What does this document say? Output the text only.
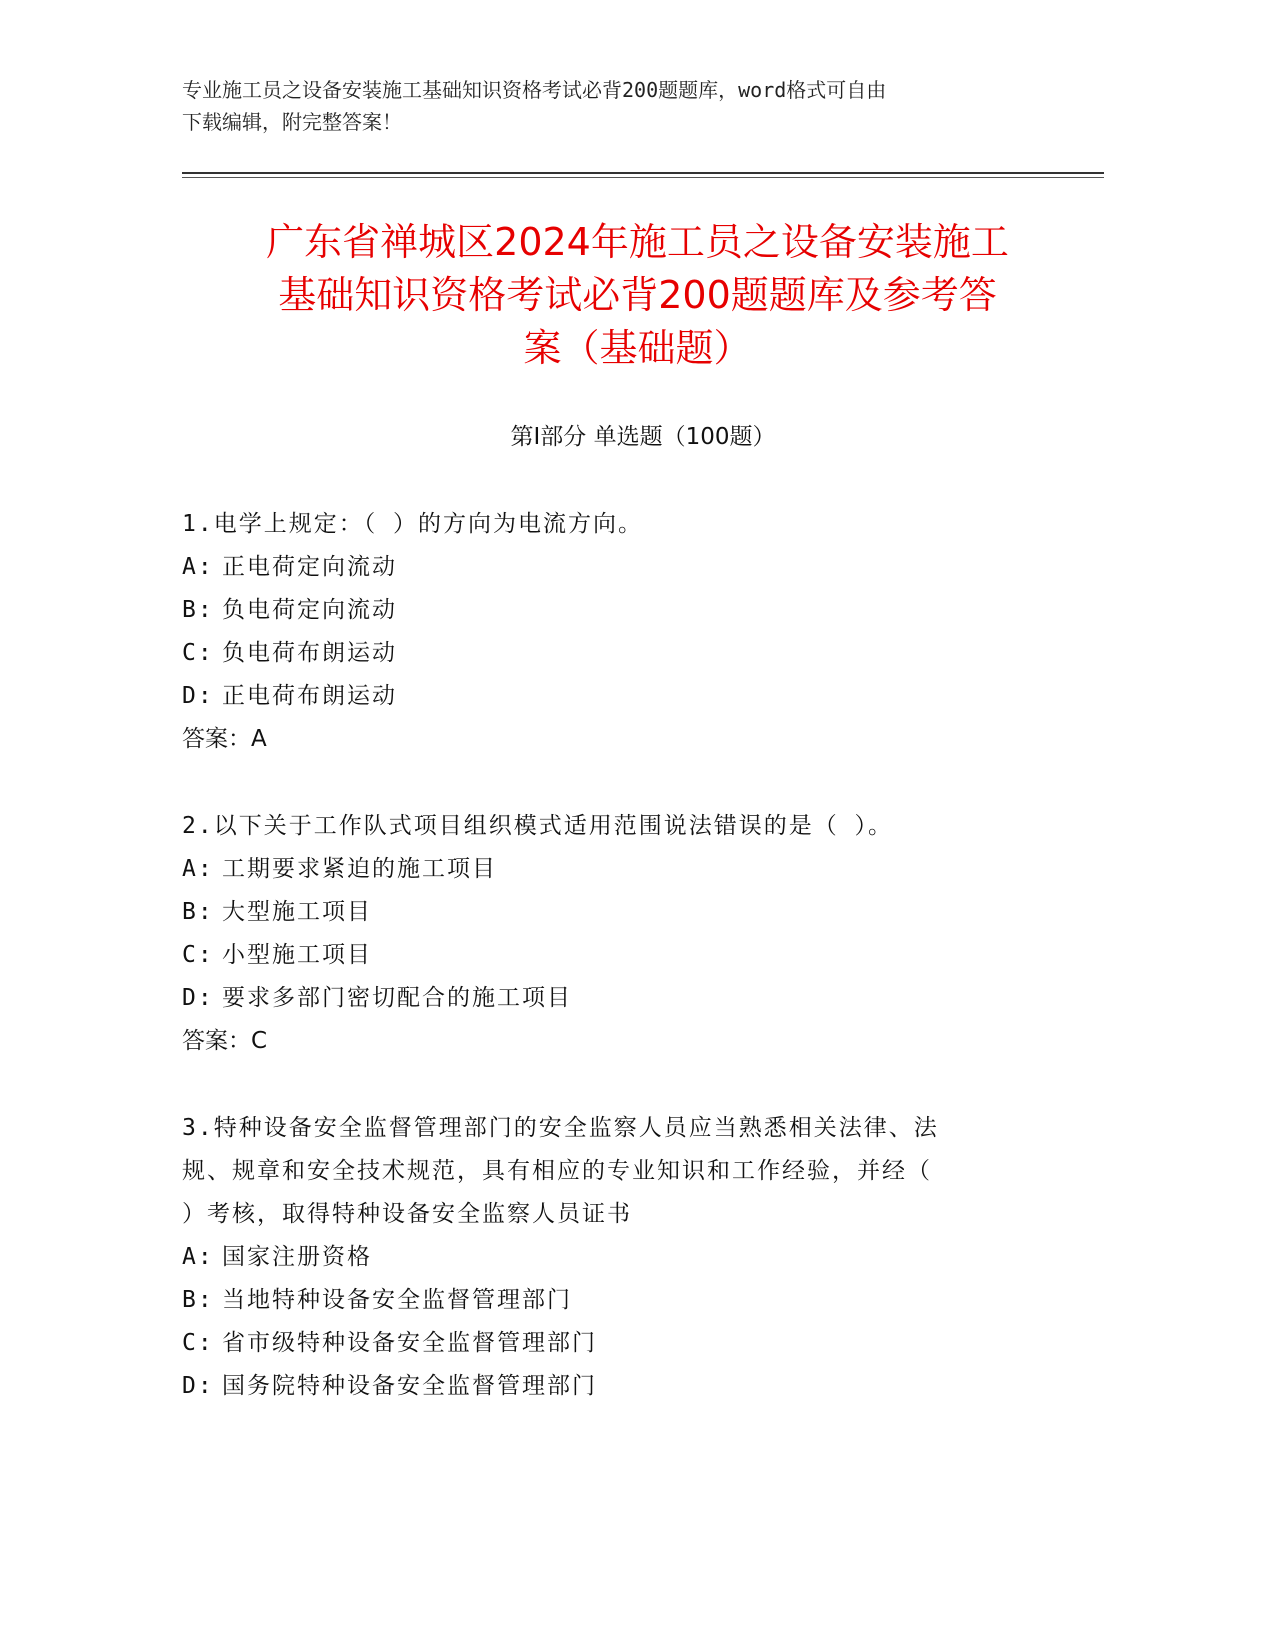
专业施工员之设备安装施工基础知识资格考试必背200题题库，word格式可自由
下载编辑，附完整答案！
广东省禅城区2024年施工员之设备安装施工
基础知识资格考试必背200题题库及参考答
案（基础题）
第Ⅰ部分 单选题（100题）
1.电学上规定：（ ）的方向为电流方向。
A: 正电荷定向流动
B: 负电荷定向流动
C: 负电荷布朗运动
D: 正电荷布朗运动
答案：A
2.以下关于工作队式项目组织模式适用范围说法错误的是（ ）。
A: 工期要求紧迫的施工项目
B: 大型施工项目
C: 小型施工项目
D: 要求多部门密切配合的施工项目
答案：C
3.特种设备安全监督管理部门的安全监察人员应当熟悉相关法律、法
规、规章和安全技术规范，具有相应的专业知识和工作经验，并经（
）考核，取得特种设备安全监察人员证书
A: 国家注册资格
B: 当地特种设备安全监督管理部门
C: 省市级特种设备安全监督管理部门
D: 国务院特种设备安全监督管理部门
